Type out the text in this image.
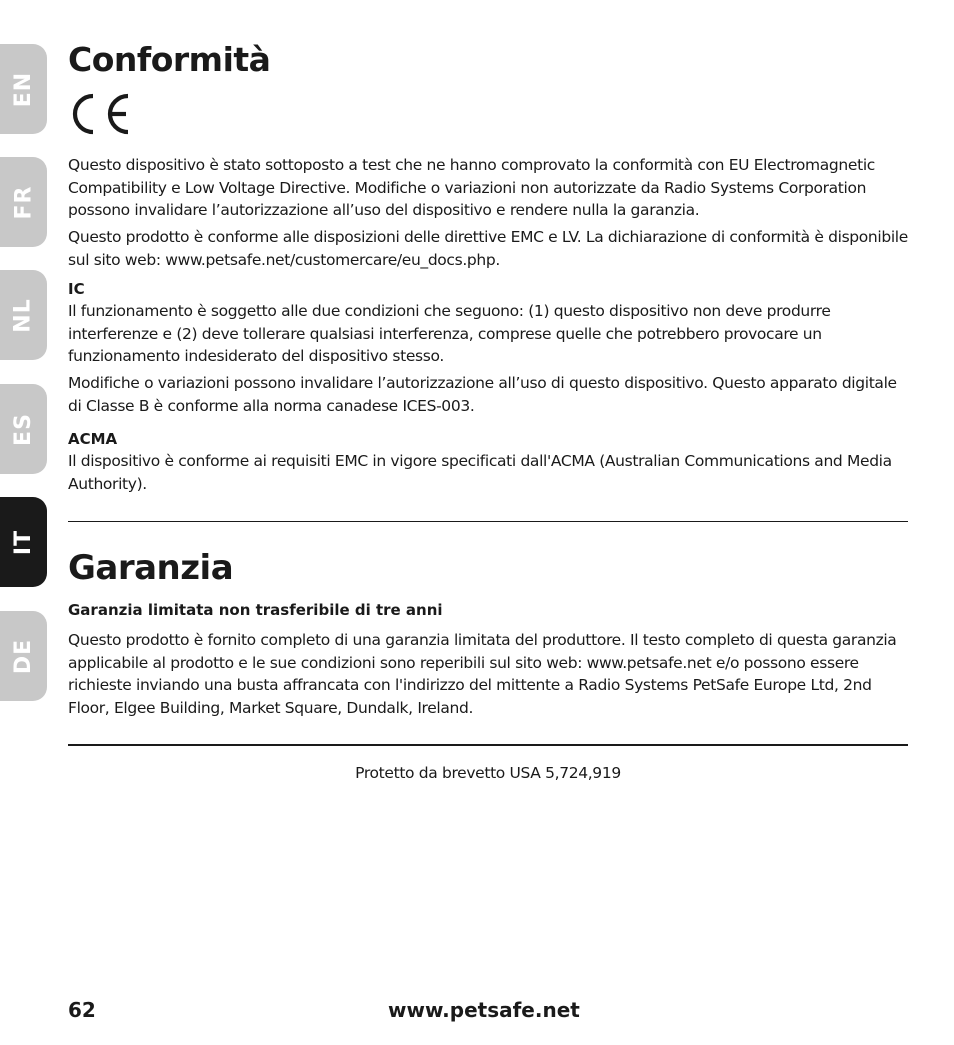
EN
FR
NL
ES
IT
DE
Conformità

Questo dispositivo è stato sottoposto a test che ne hanno comprovato la conformità con EU Electromagnetic Compatibility e Low Voltage Directive. Modifiche o variazioni non autorizzate da Radio Systems Corporation possono invalidare l’autorizzazione all’uso del dispositivo e rendere nulla la garanzia.

Questo prodotto è conforme alle disposizioni delle direttive EMC e LV. La dichiarazione di conformità è disponibile sul sito web: www.petsafe.net/customercare/eu_docs.php.

IC

Il funzionamento è soggetto alle due condizioni che seguono: (1) questo dispositivo non deve produrre interferenze e (2) deve tollerare qualsiasi interferenza, comprese quelle che potrebbero provocare un funzionamento indesiderato del dispositivo stesso.

Modifiche o variazioni possono invalidare l’autorizzazione all’uso di questo dispositivo. Questo apparato digitale di Classe B è conforme alla norma canadese ICES-003.

ACMA

Il dispositivo è conforme ai requisiti EMC in vigore specificati dall'ACMA (Australian Communications and Media Authority).

Garanzia
Garanzia limitata non trasferibile di tre anni

Questo prodotto è fornito completo di una garanzia limitata del produttore. Il testo completo di questa garanzia applicabile al prodotto e le sue condizioni sono reperibili sul sito web: www.petsafe.net e/o possono essere richieste inviando una busta affrancata con l'indirizzo del mittente a Radio Systems PetSafe Europe Ltd, 2nd Floor, Elgee Building, Market Square, Dundalk, Ireland.

Protetto da brevetto USA 5,724,919
62	www.petsafe.net
